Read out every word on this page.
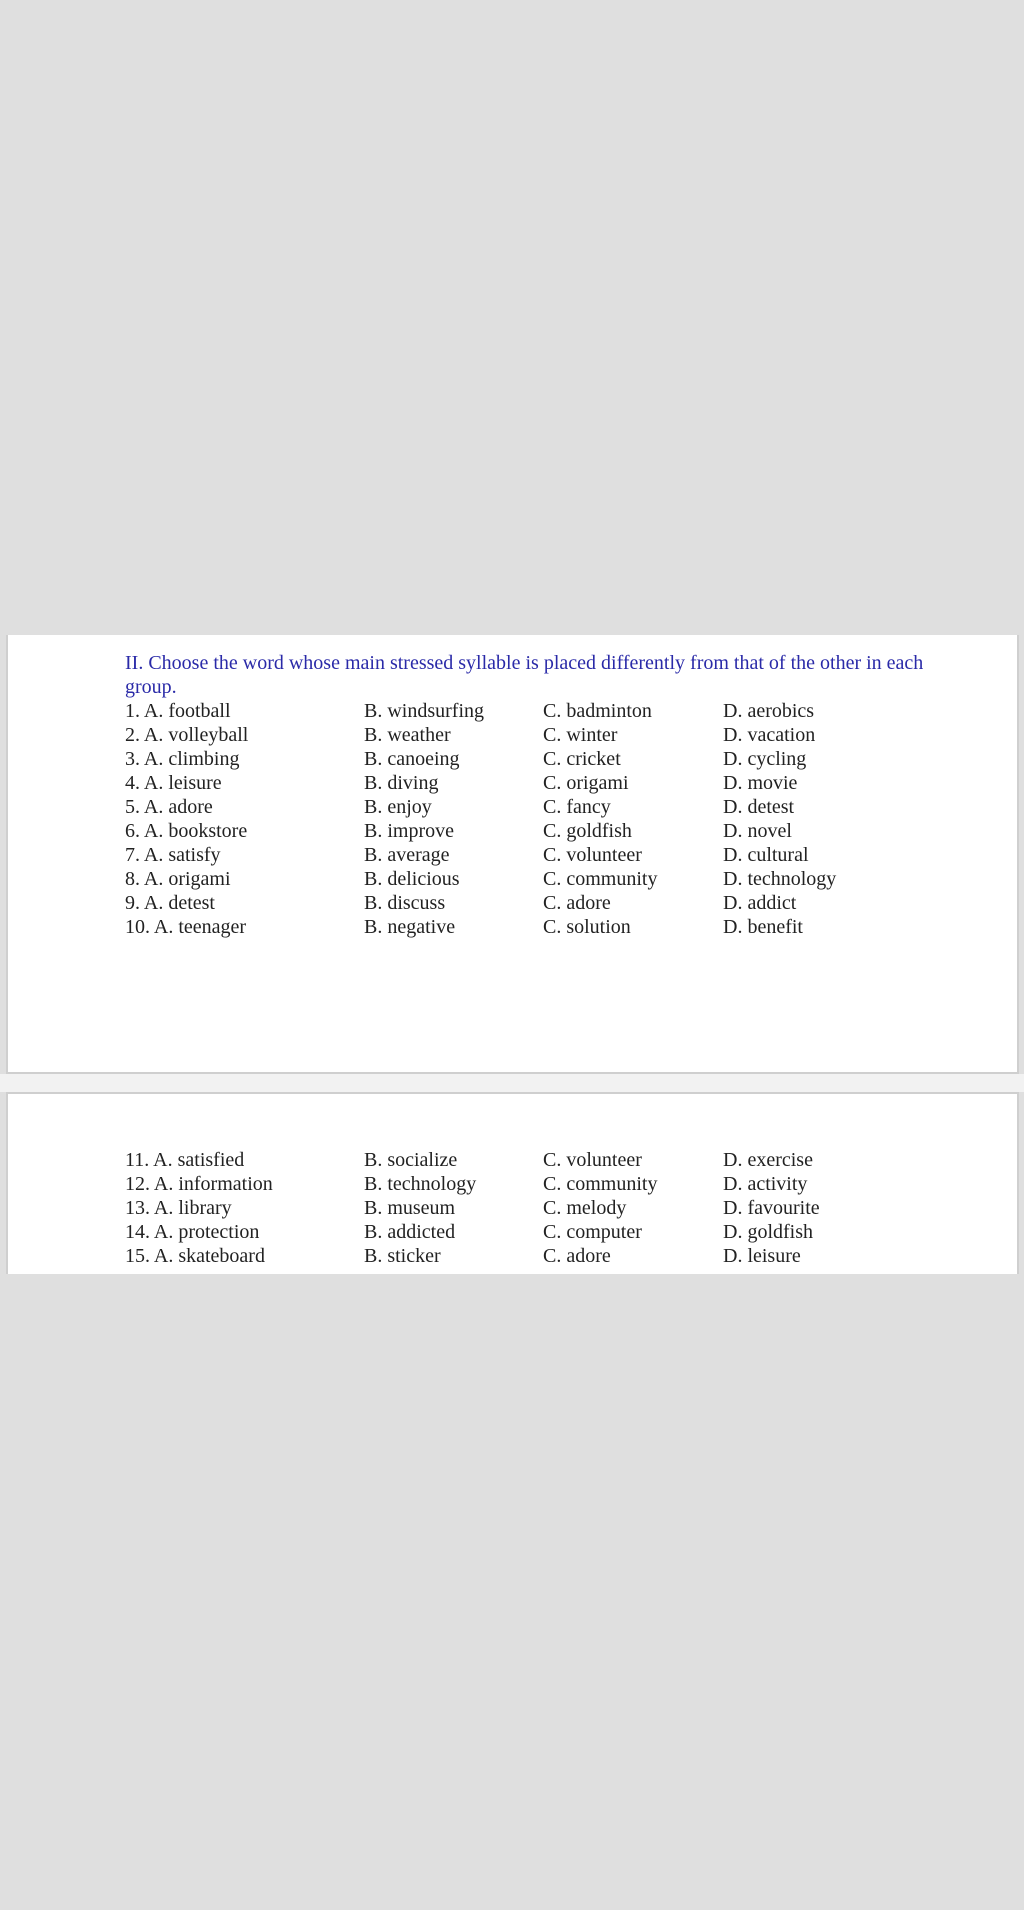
II. Choose the word whose main stressed syllable is placed differently from that of the other in each group.
1. A. football	B. windsurfing	C. badminton	D. aerobics
2. A. volleyball	B. weather	C. winter	D. vacation
3. A. climbing	B. canoeing	C. cricket	D. cycling
4. A. leisure	B. diving	C. origami	D. movie
5. A. adore	B. enjoy	C. fancy	D. detest
6. A. bookstore	B. improve	C. goldfish	D. novel
7. A. satisfy	B. average	C. volunteer	D. cultural
8. A. origami	B. delicious	C. community	D. technology
9. A. detest	B. discuss	C. adore	D. addict
10. A. teenager	B. negative	C. solution	D. benefit
11. A. satisfied	B. socialize	C. volunteer	D. exercise
12. A. information	B. technology	C. community	D. activity
13. A. library	B. museum	C. melody	D. favourite
14. A. protection	B. addicted	C. computer	D. goldfish
15. A. skateboard	B. sticker	C. adore	D. leisure
